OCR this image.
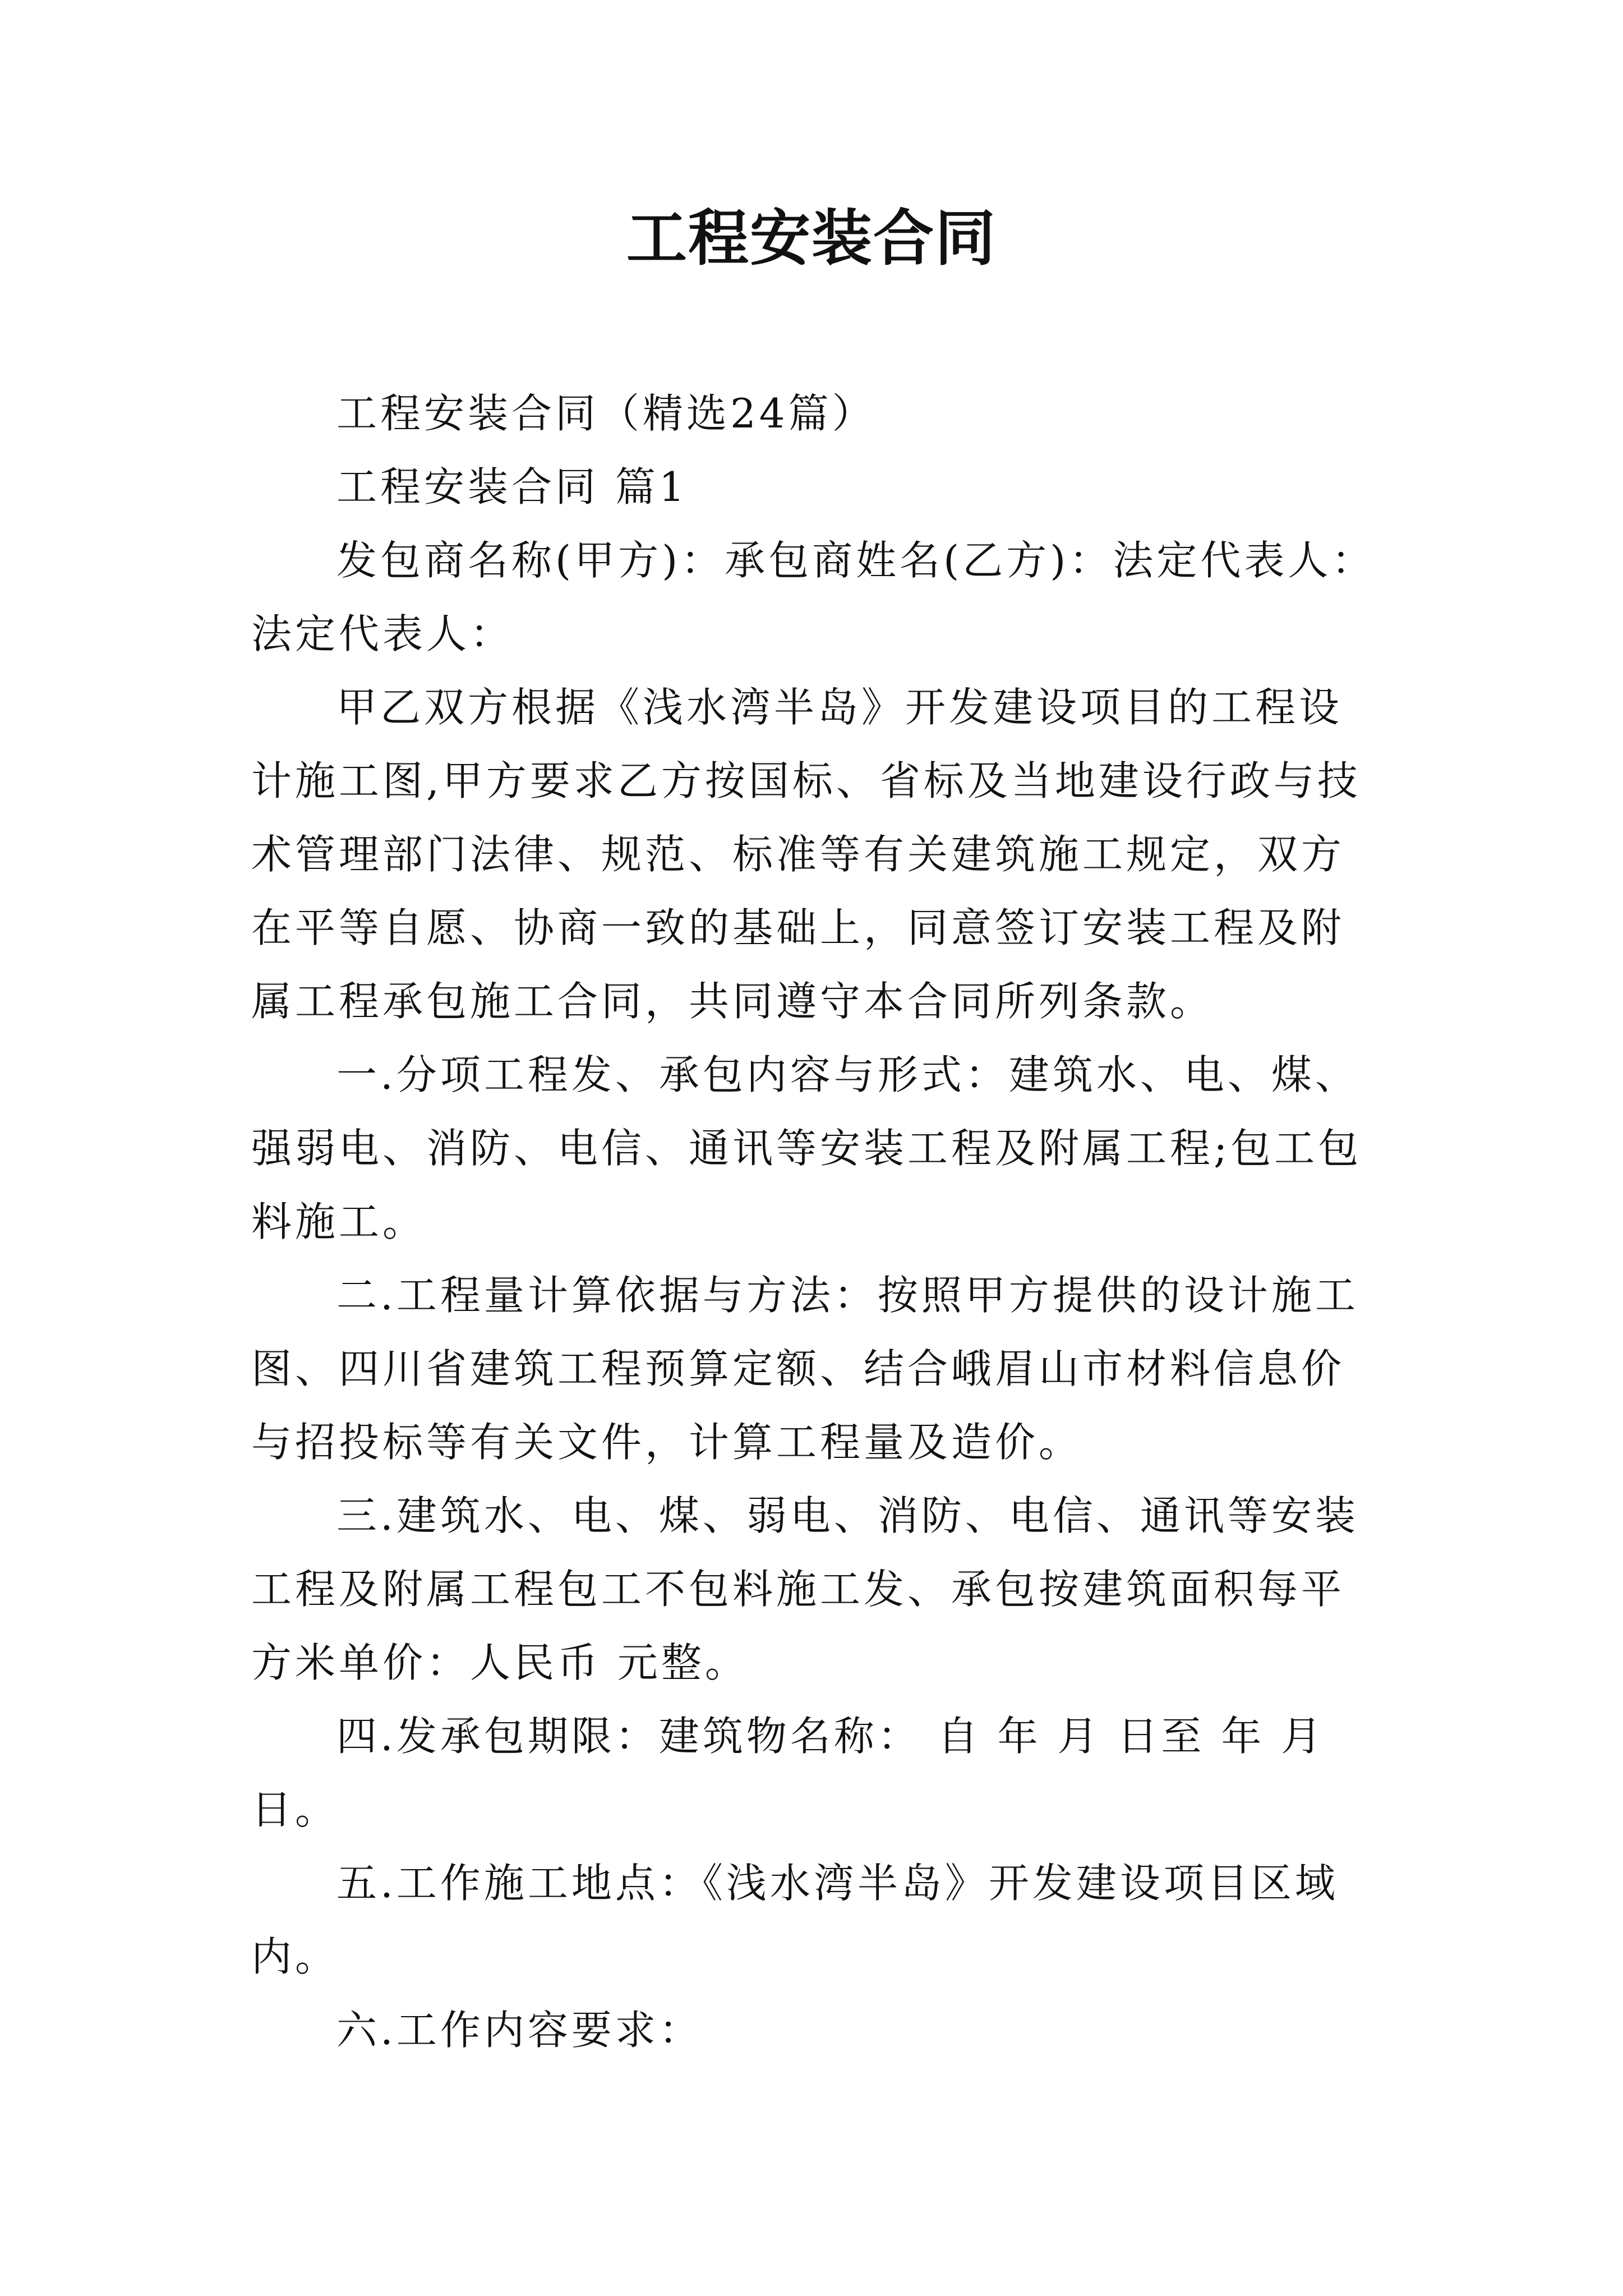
工程安装合同

工程安装合同（精选24篇）

工程安装合同 篇1

发包商名称(甲方)：承包商姓名(乙方)：法定代表人：法定代表人：

甲乙双方根据《浅水湾半岛》开发建设项目的工程设计施工图,甲方要求乙方按国标、省标及当地建设行政与技术管理部门法律、规范、标准等有关建筑施工规定，双方在平等自愿、协商一致的基础上，同意签订安装工程及附属工程承包施工合同，共同遵守本合同所列条款。

一.分项工程发、承包内容与形式：建筑水、电、煤、强弱电、消防、电信、通讯等安装工程及附属工程;包工包料施工。

二.工程量计算依据与方法：按照甲方提供的设计施工图、四川省建筑工程预算定额、结合峨眉山市材料信息价与招投标等有关文件，计算工程量及造价。

三.建筑水、电、煤、弱电、消防、电信、通讯等安装工程及附属工程包工不包料施工发、承包按建筑面积每平方米单价：人民币 元整。

四.发承包期限：建筑物名称： 自 年 月 日至 年 月日。

五.工作施工地点：《浅水湾半岛》开发建设项目区域内。

六.工作内容要求：
